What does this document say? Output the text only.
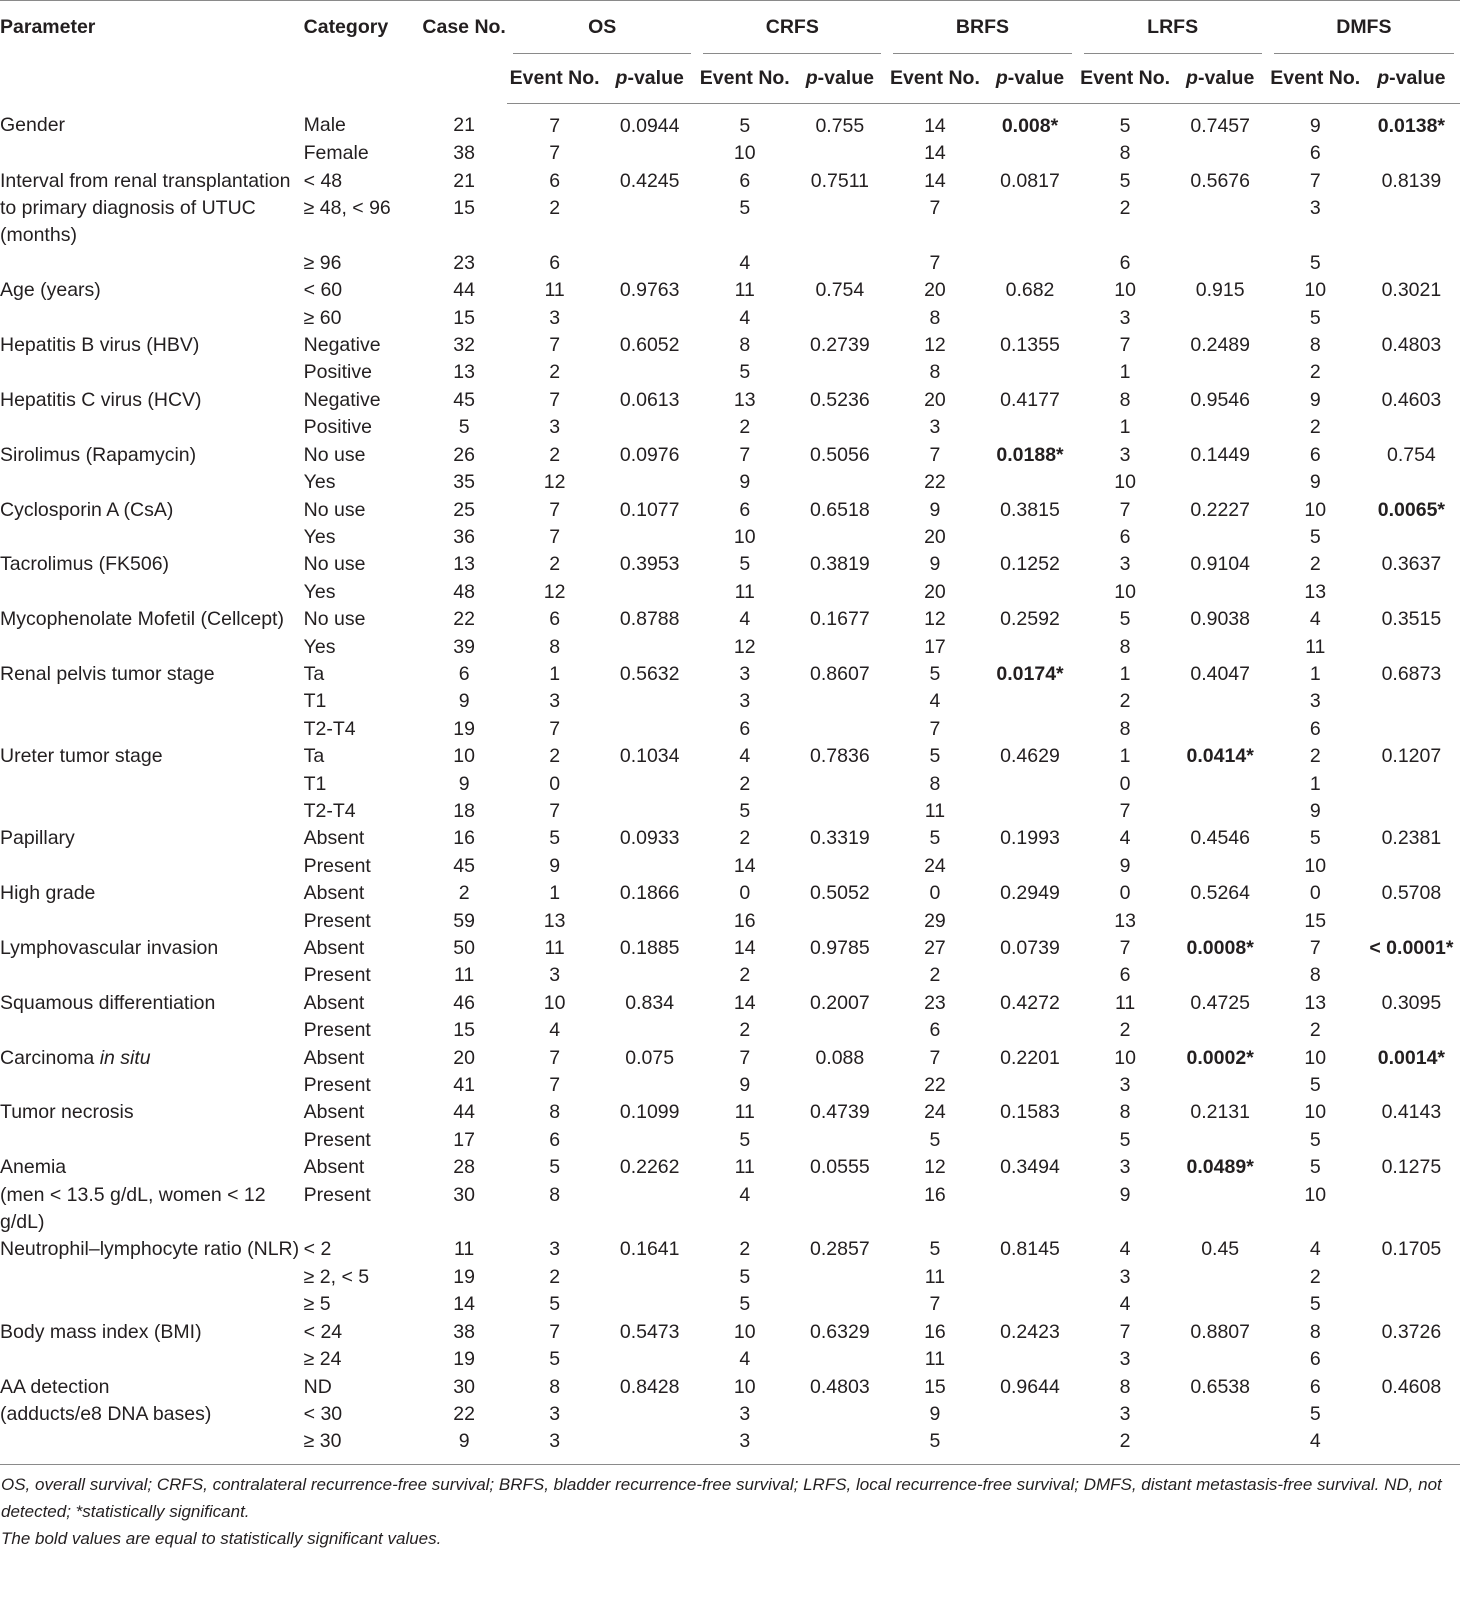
Parameter	Category	Case No.	OS		CRFS		BRFS		LRFS		DMFS	

			Event No.	p-value	Event No.	p-value	Event No.	p-value	Event No.	p-value	Event No.	p-value
Gender	Male	21	7	0.0944	5	0.755	14	0.008*	5	0.7457	9	0.0138*
	Female	38	7		10		14		8		6	
Interval from renal transplantation	< 48	21	6	0.4245	6	0.7511	14	0.0817	5	0.5676	7	0.8139
to primary diagnosis of UTUC (months)	≥ 48, < 96	15	2		5		7		2		3	
	≥ 96	23	6		4		7		6		5	
Age (years)	< 60	44	11	0.9763	11	0.754	20	0.682	10	0.915	10	0.3021
	≥ 60	15	3		4		8		3		5	
Hepatitis B virus (HBV)	Negative	32	7	0.6052	8	0.2739	12	0.1355	7	0.2489	8	0.4803
	Positive	13	2		5		8		1		2	
Hepatitis C virus (HCV)	Negative	45	7	0.0613	13	0.5236	20	0.4177	8	0.9546	9	0.4603
	Positive	5	3		2		3		1		2	
Sirolimus (Rapamycin)	No use	26	2	0.0976	7	0.5056	7	0.0188*	3	0.1449	6	0.754
	Yes	35	12		9		22		10		9	
Cyclosporin A (CsA)	No use	25	7	0.1077	6	0.6518	9	0.3815	7	0.2227	10	0.0065*
	Yes	36	7		10		20		6		5	
Tacrolimus (FK506)	No use	13	2	0.3953	5	0.3819	9	0.1252	3	0.9104	2	0.3637
	Yes	48	12		11		20		10		13	
Mycophenolate Mofetil (Cellcept)	No use	22	6	0.8788	4	0.1677	12	0.2592	5	0.9038	4	0.3515
	Yes	39	8		12		17		8		11	
Renal pelvis tumor stage	Ta	6	1	0.5632	3	0.8607	5	0.0174*	1	0.4047	1	0.6873
	T1	9	3		3		4		2		3	
	T2-T4	19	7		6		7		8		6	
Ureter tumor stage	Ta	10	2	0.1034	4	0.7836	5	0.4629	1	0.0414*	2	0.1207
	T1	9	0		2		8		0		1	
	T2-T4	18	7		5		11		7		9	
Papillary	Absent	16	5	0.0933	2	0.3319	5	0.1993	4	0.4546	5	0.2381
	Present	45	9		14		24		9		10	
High grade	Absent	2	1	0.1866	0	0.5052	0	0.2949	0	0.5264	0	0.5708
	Present	59	13		16		29		13		15	
Lymphovascular invasion	Absent	50	11	0.1885	14	0.9785	27	0.0739	7	0.0008*	7	< 0.0001*
	Present	11	3		2		2		6		8	
Squamous differentiation	Absent	46	10	0.834	14	0.2007	23	0.4272	11	0.4725	13	0.3095
	Present	15	4		2		6		2		2	
Carcinoma in situ	Absent	20	7	0.075	7	0.088	7	0.2201	10	0.0002*	10	0.0014*
	Present	41	7		9		22		3		5	
Tumor necrosis	Absent	44	8	0.1099	11	0.4739	24	0.1583	8	0.2131	10	0.4143
	Present	17	6		5		5		5		5	
Anemia	Absent	28	5	0.2262	11	0.0555	12	0.3494	3	0.0489*	5	0.1275
(men < 13.5 g/dL, women < 12 g/dL)	Present	30	8		4		16		9		10	
Neutrophil–lymphocyte ratio (NLR)	< 2	11	3	0.1641	2	0.2857	5	0.8145	4	0.45	4	0.1705
	≥ 2, < 5	19	2		5		11		3		2	
	≥ 5	14	5		5		7		4		5	
Body mass index (BMI)	< 24	38	7	0.5473	10	0.6329	16	0.2423	7	0.8807	8	0.3726
	≥ 24	19	5		4		11		3		6	
AA detection	ND	30	8	0.8428	10	0.4803	15	0.9644	8	0.6538	6	0.4608
(adducts/e8 DNA bases)	< 30	22	3		3		9		3		5	
	≥ 30	9	3		3		5		2		4	

OS, overall survival; CRFS, contralateral recurrence-free survival; BRFS, bladder recurrence-free survival; LRFS, local recurrence-free survival; DMFS, distant metastasis-free survival. ND, not detected; *statistically significant.

The bold values are equal to statistically significant values.
